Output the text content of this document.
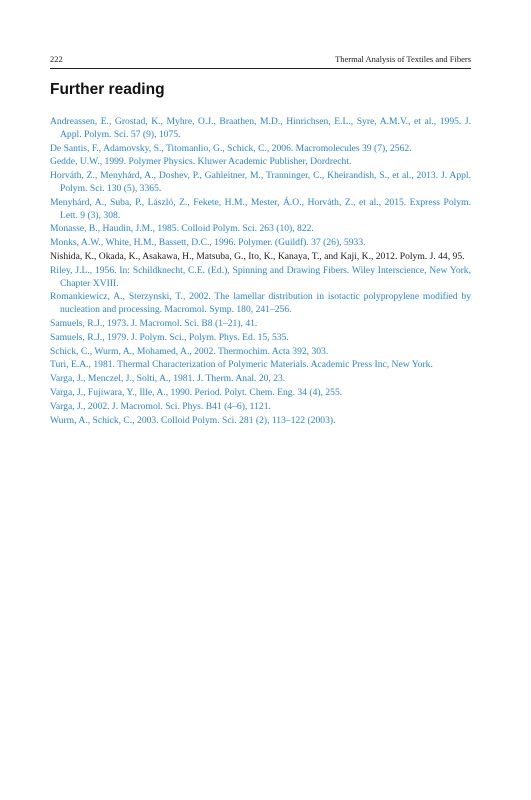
222	Thermal Analysis of Textiles and Fibers
Further reading
Andreassen, E., Grostad, K., Myhre, O.J., Braathen, M.D., Hinrichsen, E.L., Syre, A.M.V., et al., 1995. J. Appl. Polym. Sci. 57 (9), 1075.
De Santis, F., Adamovsky, S., Titomanlio, G., Schick, C., 2006. Macromolecules 39 (7), 2562.
Gedde, U.W., 1999. Polymer Physics. Kluwer Academic Publisher, Dordrecht.
Horváth, Z., Menyhárd, A., Doshev, P., Gahleitner, M., Tranninger, C., Kheirandish, S., et al., 2013. J. Appl. Polym. Sci. 130 (5), 3365.
Menyhárd, A., Suba, P., László, Z., Fekete, H.M., Mester, Á.O., Horváth, Z., et al., 2015. Express Polym. Lett. 9 (3), 308.
Monasse, B., Haudin, J.M., 1985. Colloid Polym. Sci. 263 (10), 822.
Monks, A.W., White, H.M., Bassett, D.C., 1996. Polymer. (Guildf). 37 (26), 5933.
Nishida, K., Okada, K., Asakawa, H., Matsuba, G., Ito, K., Kanaya, T., and Kaji, K., 2012. Polym. J. 44, 95.
Riley, J.L., 1956. In: Schildknecht, C.E. (Ed.), Spinning and Drawing Fibers. Wiley Interscience, New York, Chapter XVIII.
Romankiewicz, A., Sterzynski, T., 2002. The lamellar distribution in isotactic polypropylene modified by nucleation and processing. Macromol. Symp. 180, 241–256.
Samuels, R.J., 1973. J. Macromol. Sci. B8 (1–21), 41.
Samuels, R.J., 1979. J. Polym. Sci., Polym. Phys. Ed. 15, 535.
Schick, C., Wurm, A., Mohamed, A., 2002. Thermochim. Acta 392, 303.
Turi, E.A., 1981. Thermal Characterization of Polymeric Materials. Academic Press Inc, New York.
Varga, J., Menczel, J., Solti, A., 1981. J. Therm. Anal. 20, 23.
Varga, J., Fujiwara, Y., Ille, A., 1990. Period. Polyt. Chem. Eng. 34 (4), 255.
Varga, J., 2002. J. Macromol. Sci. Phys. B41 (4–6), 1121.
Wurm, A., Schick, C., 2003. Colloid Polym. Sci. 281 (2), 113–122 (2003).
